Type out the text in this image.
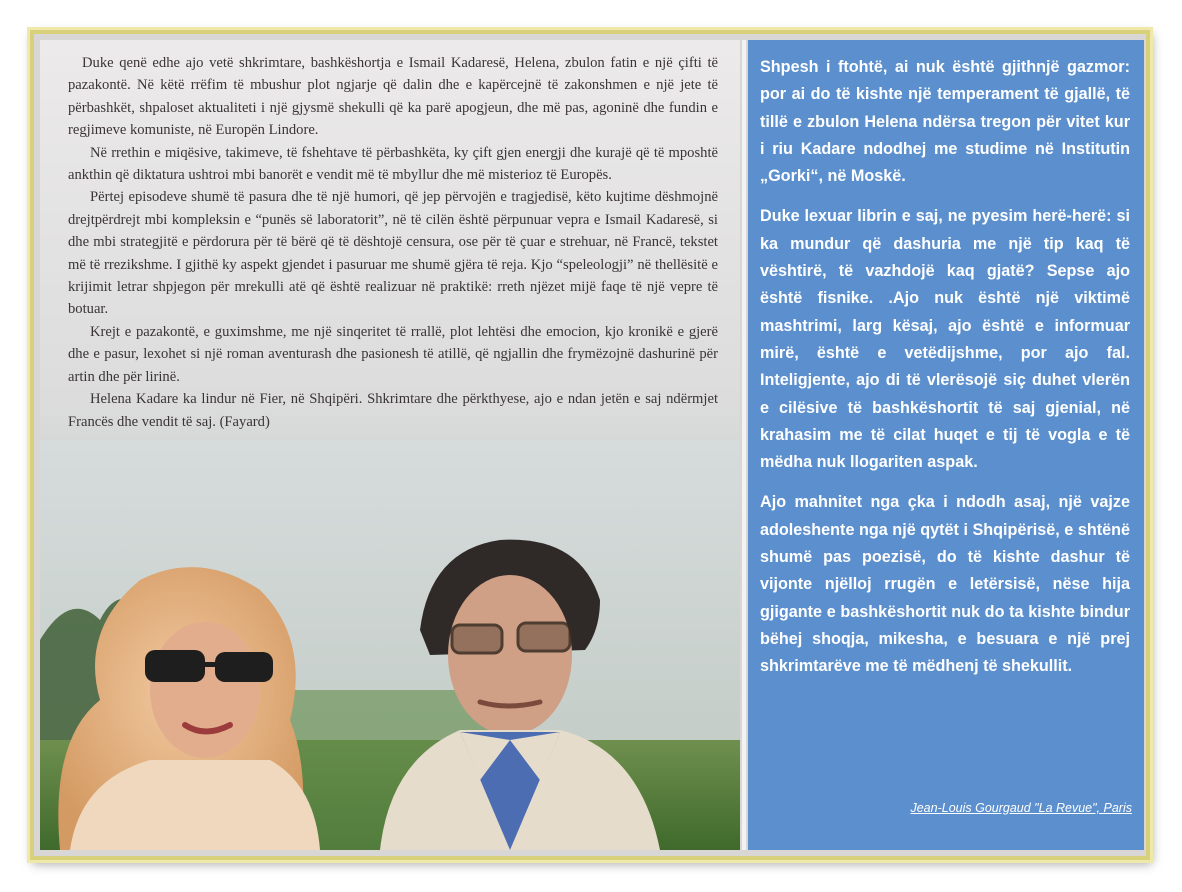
Duke qenë edhe ajo vetë shkrimtare, bashkëshortja e Ismail Kadaresë, Helena, zbulon fatin e një çifti të pazakontë. Në këtë rrëfim të mbushur plot ngjarje që dalin dhe e kapërcejnë të zakonshmen e një jete të përbashkët, shpaloset aktualiteti i një gjysmë shekulli që ka parë apogjeun, dhe më pas, agoninë dhe fundin e regjimeve komuniste, në Europën Lindore.

Në rrethin e miqësive, takimeve, të fshehtave të përbashkëta, ky çift gjen energji dhe kurajë që të mposhtë ankthin që diktatura ushtroi mbi banorët e vendit më të mbyllur dhe më misterioz të Europës.

Përtej episodeve shumë të pasura dhe të një humori, që jep përvojën e tragjedisë, këto kujtime dëshmojnë drejtpërdrejt mbi kompleksin e “punës së laboratorit”, në të cilën është përpunuar vepra e Ismail Kadaresë, si dhe mbi strategjitë e përdorura për të bërë që të dështojë censura, ose për të çuar e strehuar, në Francë, tekstet më të rrezikshme. I gjithë ky aspekt gjendet i pasuruar me shumë gjëra të reja. Kjo “speleologji” në thellësitë e krijimit letrar shpjegon për mrekulli atë që është realizuar në praktikë: rreth njëzet mijë faqe të një vepre të botuar.

Krejt e pazakontë, e guximshme, me një sinqeritet të rrallë, plot lehtësi dhe emocion, kjo kronikë e gjerë dhe e pasur, lexohet si një roman aventurash dhe pasionesh të atillë, që ngjallin dhe frymëzojnë dashurinë për artin dhe për lirinë.

Helena Kadare ka lindur në Fier, në Shqipëri. Shkrimtare dhe përkthyese, ajo e ndan jetën e saj ndërmjet Francës dhe vendit të saj. (Fayard)

Shpesh i ftohtë, ai nuk është gjithnjë gazmor: por ai do të kishte një temperament të gjallë, të tillë e zbulon Helena ndërsa tregon për vitet kur i riu Kadare ndodhej me studime në Institutin „Gorki“, në Moskë.

Duke lexuar librin e saj, ne pyesim herë-herë: si ka mundur që dashuria me një tip kaq të vështirë, të vazhdojë kaq gjatë? Sepse ajo është fisnike. .Ajo nuk është një viktimë mashtrimi, larg kësaj, ajo është e informuar mirë, është e vetëdijshme, por ajo fal. Inteligjente, ajo di të vlerësojë siç duhet vlerën e cilësive të bashkëshortit të saj gjenial, në krahasim me të cilat huqet e tij të vogla e të mëdha nuk llogariten aspak.

Ajo mahnitet nga çka i ndodh asaj, një vajze adoleshente nga një qytët i Shqipërisë, e shtënë shumë pas poezisë, do të kishte dashur të vijonte njëlloj rrugën e letërsisë, nëse hija gjigante e bashkëshortit nuk do ta kishte bindur bëhej shoqja, mikesha, e besuara e një prej shkrimtarëve me të mëdhenj të shekullit.

Jean-Louis Gourgaud "La Revue", Paris
